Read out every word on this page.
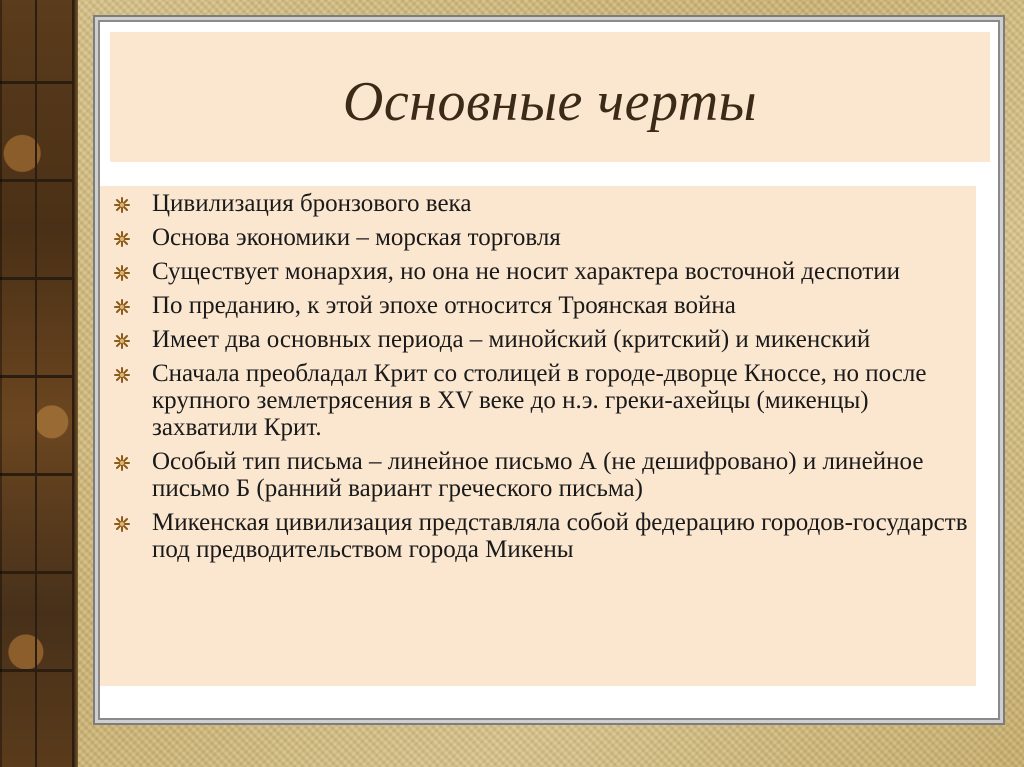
Основные черты
Цивилизация бронзового века
Основа экономики – морская торговля
Существует монархия, но она не носит характера восточной деспотии
По преданию, к этой эпохе относится Троянская война
Имеет два основных периода – минойский (критский) и микенский
Сначала преобладал Крит со столицей в городе-дворце Кноссе, но после крупного землетрясения в XV веке до н.э. греки-ахейцы (микенцы) захватили Крит.
Особый тип письма – линейное письмо А (не дешифровано) и линейное письмо Б (ранний вариант греческого письма)
Микенская цивилизация представляла собой федерацию городов-государств под предводительством города Микены
